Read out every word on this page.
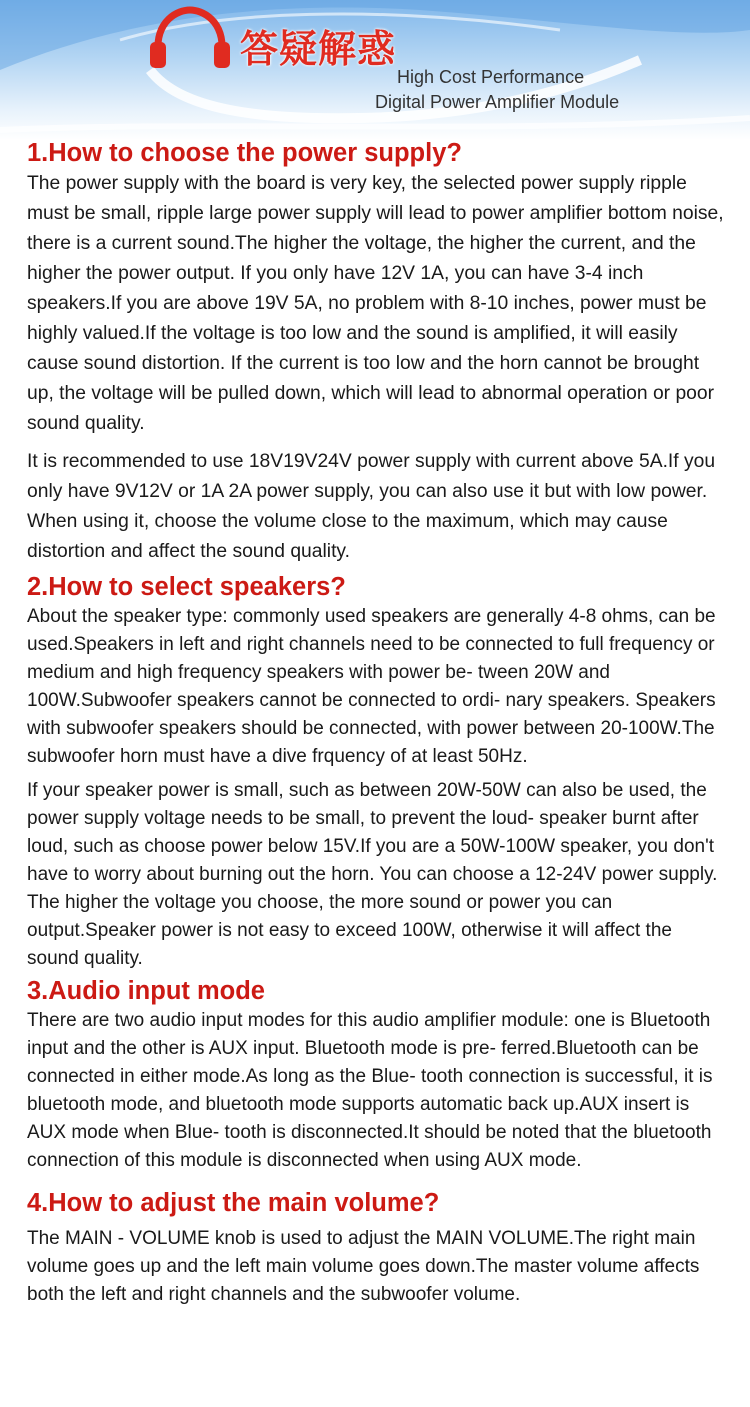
答疑解惑
High Cost Performance
Digital Power Amplifier Module
1.How to choose the power supply?

The power supply with the board is very key, the selected power supply ripple must be small, ripple large power supply will lead to power amplifier bottom noise, there is a current sound.The higher the voltage, the higher the current, and the higher the power output. If you only have 12V 1A, you can have 3-4 inch speakers.If you are above 19V 5A, no problem with 8-10 inches, power must be highly valued.If the voltage is too low and the sound is amplified, it will easily cause sound distortion. If the current is too low and the horn cannot be brought up, the voltage will be pulled down, which will lead to abnormal operation or poor sound quality.

It is recommended to use 18V19V24V power supply with current above 5A.If you only have 9V12V or 1A 2A power supply, you can also use it but with low power. When using it, choose the volume close to the maximum, which may cause distortion and affect the sound quality.

2.How to select speakers?

About the speaker type: commonly used speakers are generally 4-8 ohms, can be used.Speakers in left and right channels need to be connected to full frequency or medium and high frequency speakers with power be- tween 20W and 100W.Subwoofer speakers cannot be connected to ordi- nary speakers. Speakers with subwoofer speakers should be connected, with power between 20-100W.The subwoofer horn must have a dive frquency of at least 50Hz.

If your speaker power is small, such as between 20W-50W can also be used, the power supply voltage needs to be small, to prevent the loud- speaker burnt after loud, such as choose power below 15V.If you are a 50W-100W speaker, you don't have to worry about burning out the horn. You can choose a 12-24V power supply. The higher the voltage you choose, the more sound or power you can output.Speaker power is not easy to exceed 100W, otherwise it will affect the sound quality.

3.Audio input mode

There are two audio input modes for this audio amplifier module: one is Bluetooth input and the other is AUX input. Bluetooth mode is pre- ferred.Bluetooth can be connected in either mode.As long as the Blue- tooth connection is successful, it is bluetooth mode, and bluetooth mode supports automatic back up.AUX insert is AUX mode when Blue- tooth is disconnected.It should be noted that the bluetooth connection of this module is disconnected when using AUX mode.

4.How to adjust the main volume?

The MAIN - VOLUME knob is used to adjust the MAIN VOLUME.The right main volume goes up and the left main volume goes down.The master volume affects both the left and right channels and the subwoofer volume.
